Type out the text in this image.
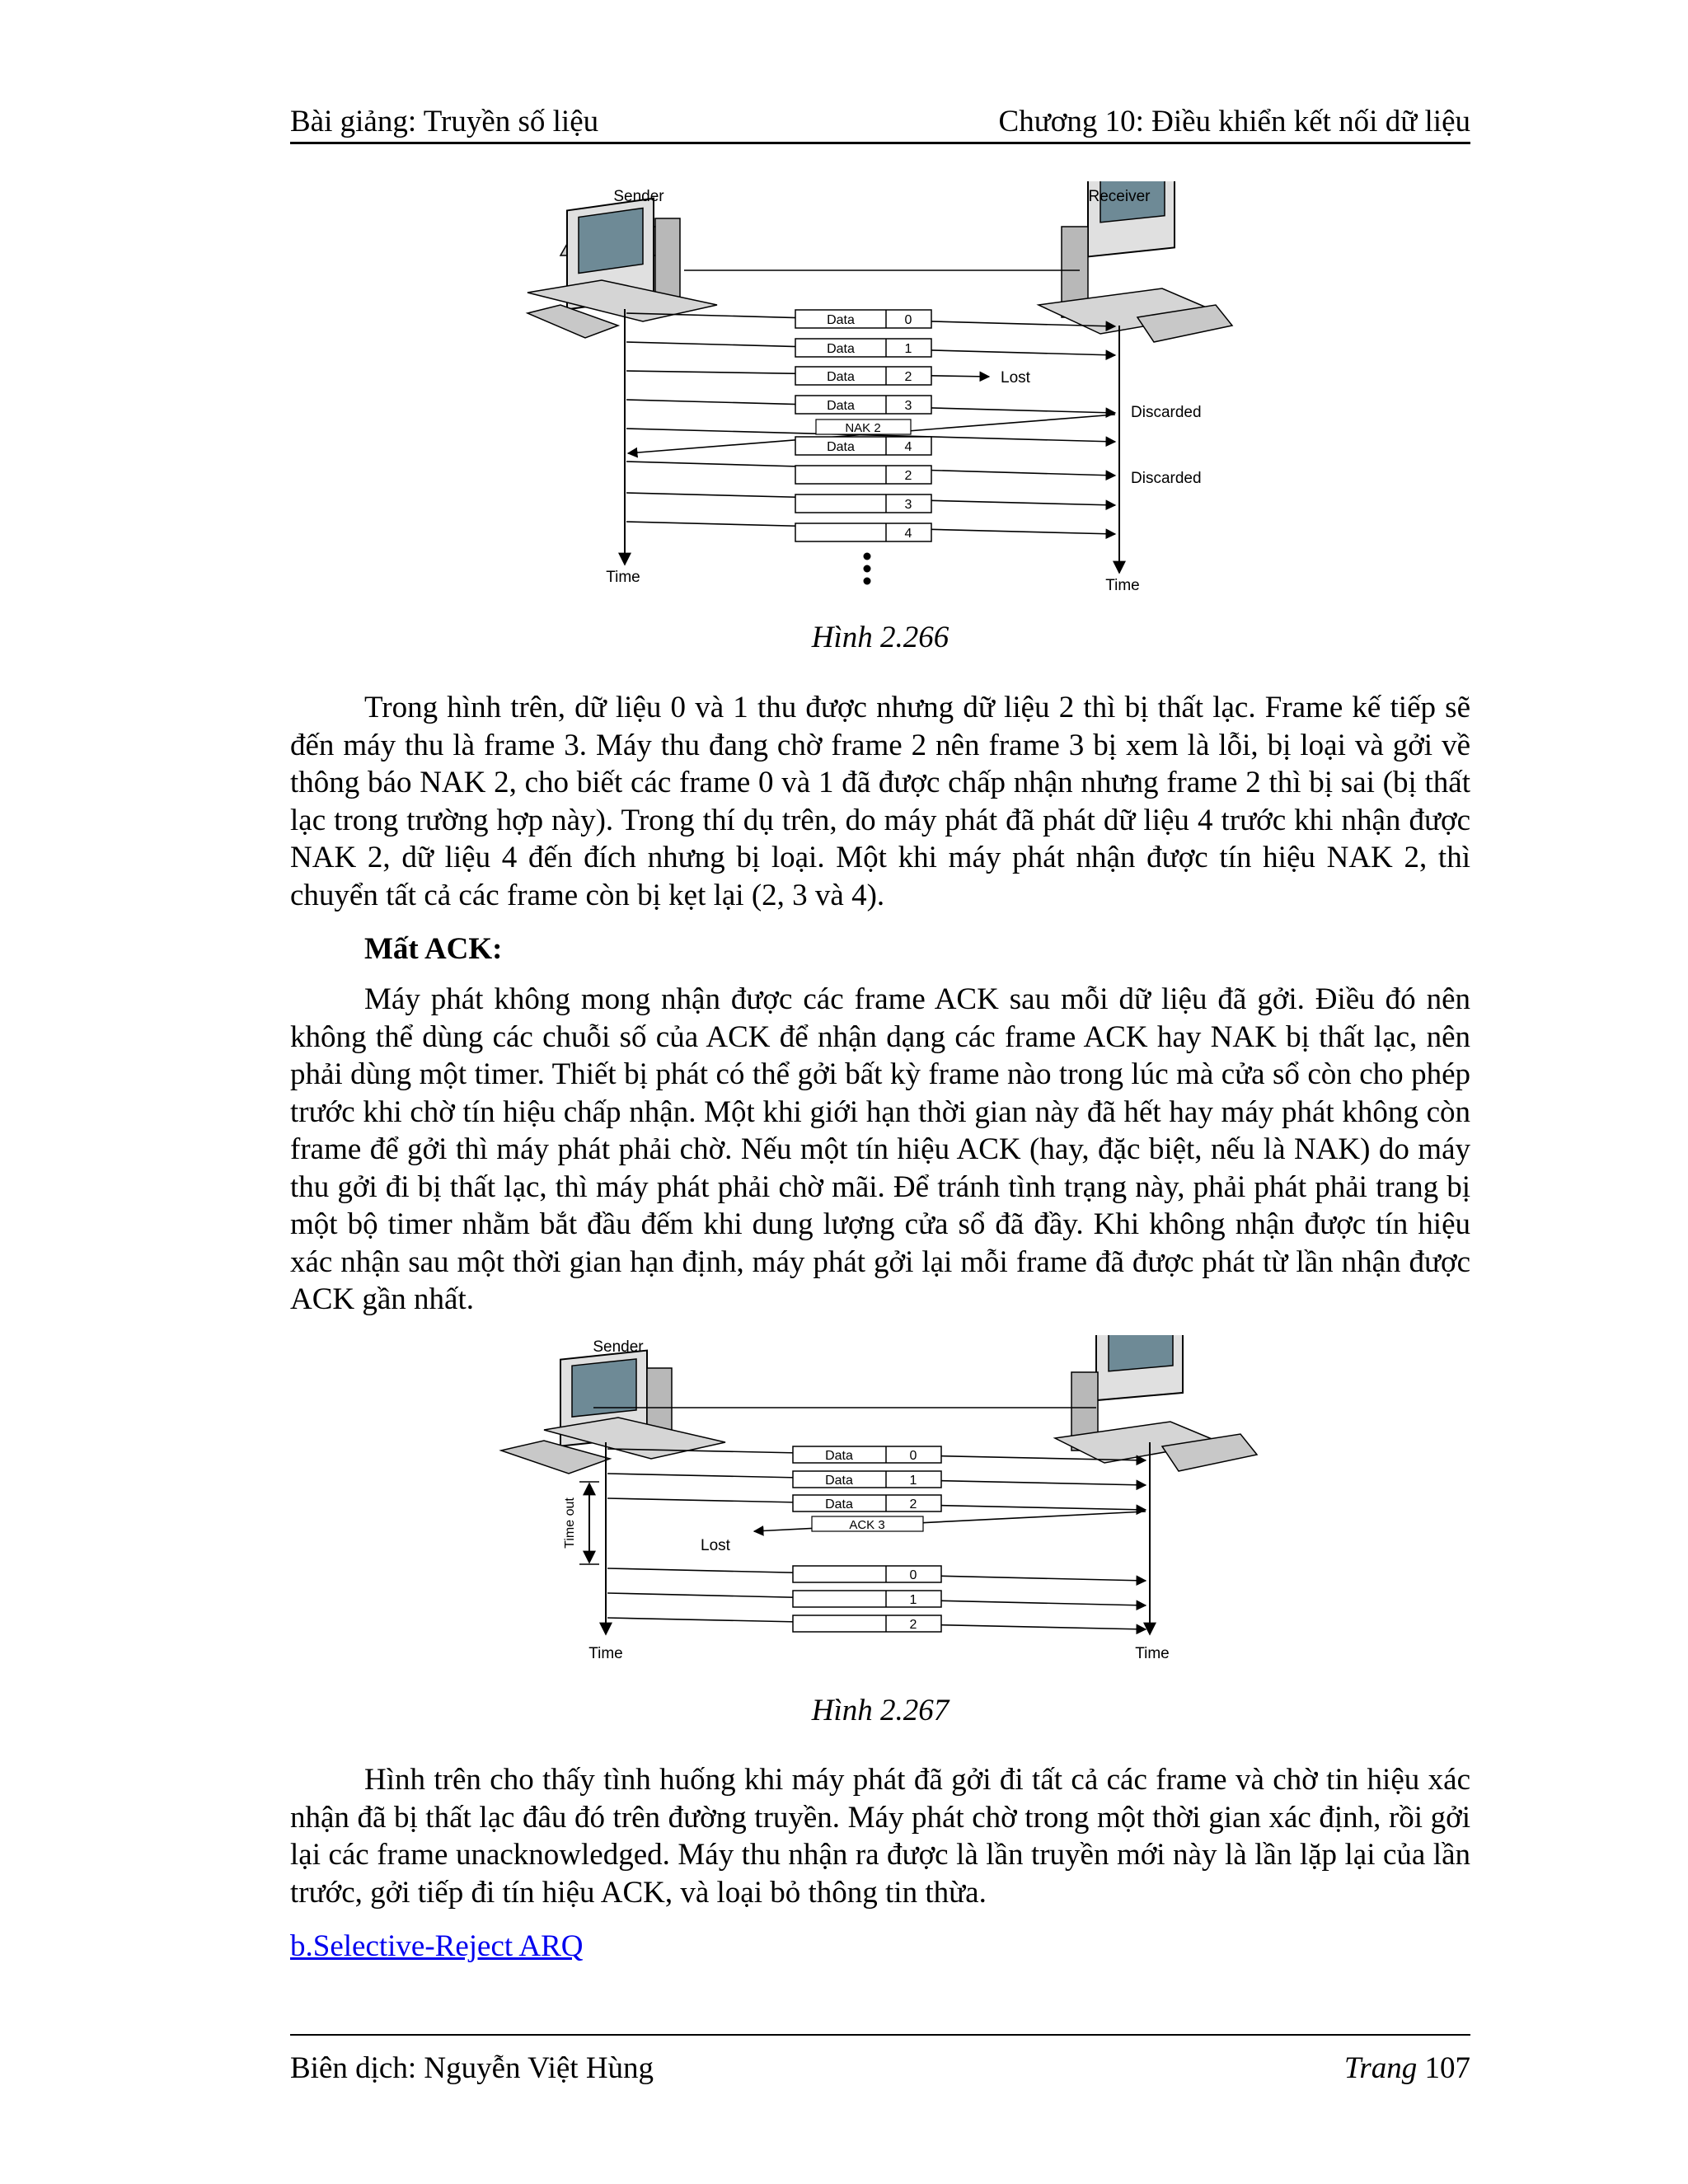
Bài giảng: Truyền số liệu	Chương 10: Điều khiển kết nối dữ liệu
Sender	Receiver
Time	Time
Data	0
Data	1
Data	2
Data	3
NAK 2
Data	4
2
3
4
Lost
Discarded
Discarded
Hình 2.266

Trong hình trên, dữ liệu 0 và 1 thu được nhưng dữ liệu 2 thì bị thất lạc. Frame kế tiếp sẽ đến máy thu là frame 3. Máy thu đang chờ frame 2 nên frame 3 bị xem là lỗi, bị loại và gởi về thông báo NAK 2, cho biết các frame 0 và 1 đã được chấp nhận nhưng frame 2 thì bị sai (bị thất lạc trong trường hợp này). Trong thí dụ trên, do máy phát đã phát dữ liệu 4 trước khi nhận được NAK 2, dữ liệu 4 đến đích nhưng bị loại. Một khi máy phát nhận được tín hiệu NAK 2, thì chuyển tất cả các frame còn bị kẹt lại (2, 3 và 4).

Mất ACK:

Máy phát không mong nhận được các frame ACK sau mỗi dữ liệu đã gởi. Điều đó nên không thể dùng các chuỗi số của ACK để nhận dạng các frame ACK hay NAK bị thất lạc, nên phải dùng một timer. Thiết bị phát có thể gởi bất kỳ frame nào trong lúc mà cửa sổ còn cho phép trước khi chờ tín hiệu chấp nhận. Một khi giới hạn thời gian này đã hết hay máy phát không còn frame để gởi thì máy phát phải chờ. Nếu một tín hiệu ACK (hay, đặc biệt, nếu là NAK) do máy thu gởi đi bị thất lạc, thì máy phát phải chờ mãi. Để tránh tình trạng này, phải phát phải trang bị một bộ timer nhằm bắt đầu đếm khi dung lượng cửa sổ đã đầy. Khi không nhận được tín hiệu xác nhận sau một thời gian hạn định, máy phát gởi lại mỗi frame đã được phát từ lần nhận được ACK gần nhất.

Sender
Time	Time
Time out
Data	0
Data	1
Data	2
ACK 3
0
1
2
Lost
Hình 2.267

Hình trên cho thấy tình huống khi máy phát đã gởi đi tất cả các frame và chờ tin hiệu xác nhận đã bị thất lạc đâu đó trên đường truyền. Máy phát chờ trong một thời gian xác định, rồi gởi lại các frame unacknowledged. Máy thu nhận ra được là lần truyền mới này là lần lặp lại của lần trước, gởi tiếp đi tín hiệu ACK, và loại bỏ thông tin thừa.

b.Selective-Reject ARQ
Biên dịch: Nguyễn Việt Hùng	Trang 107
